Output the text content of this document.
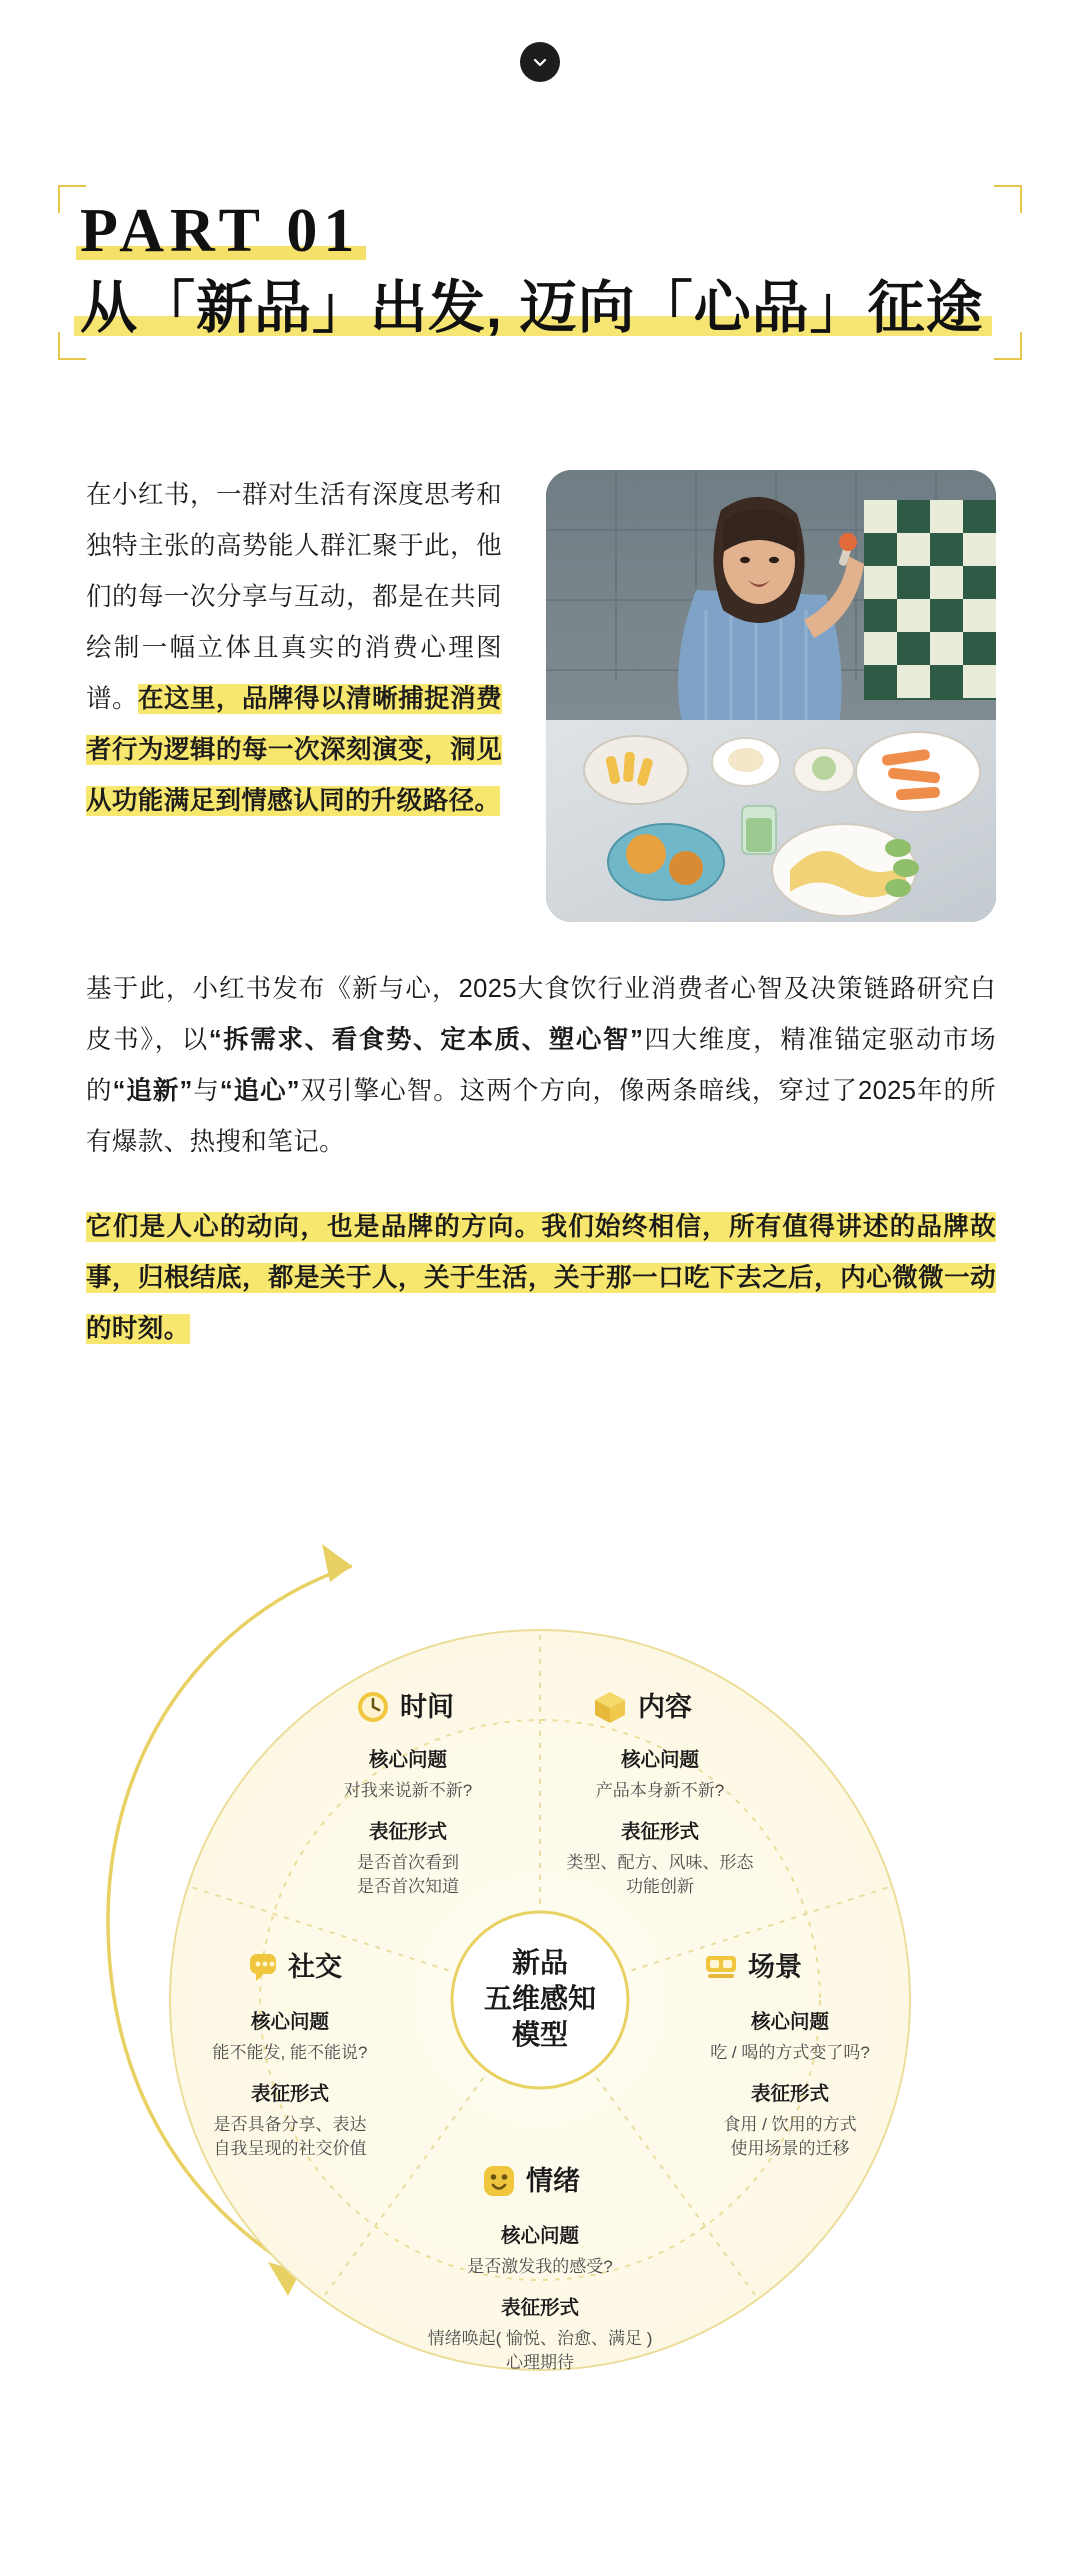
PART 01 从「新品」出发, 迈向「心品」征途
在小红书，一群对生活有深度思考和独特主张的高势能人群汇聚于此，他们的每一次分享与互动，都是在共同绘制一幅立体且真实的消费心理图谱。在这里，品牌得以清晰捕捉消费者行为逻辑的每一次深刻演变，洞见从功能满足到情感认同的升级路径。
基于此，小红书发布《新与心，2025大食饮行业消费者心智及决策链路研究白皮书》，以“拆需求、看食势、定本质、塑心智”四大维度，精准锚定驱动市场的“追新”与“追心”双引擎心智。这两个方向，像两条暗线，穿过了2025年的所有爆款、热搜和笔记。
它们是人心的动向，也是品牌的方向。我们始终相信，所有值得讲述的品牌故事，归根结底，都是关于人，关于生活，关于那一口吃下去之后，内心微微一动的时刻。
新品
五维感知
模型
时间
核心问题
对我来说新不新?
表征形式
是否首次看到
是否首次知道
内容
核心问题
产品本身新不新?
表征形式
类型、配方、风味、形态
功能创新
社交
核心问题
能不能发, 能不能说?
表征形式
是否具备分享、表达
自我呈现的社交价值
场景
核心问题
吃 / 喝的方式变了吗?
表征形式
食用 / 饮用的方式
使用场景的迁移
情绪
核心问题
是否激发我的感受?
表征形式
情绪唤起( 愉悦、治愈、满足 )
心理期待
